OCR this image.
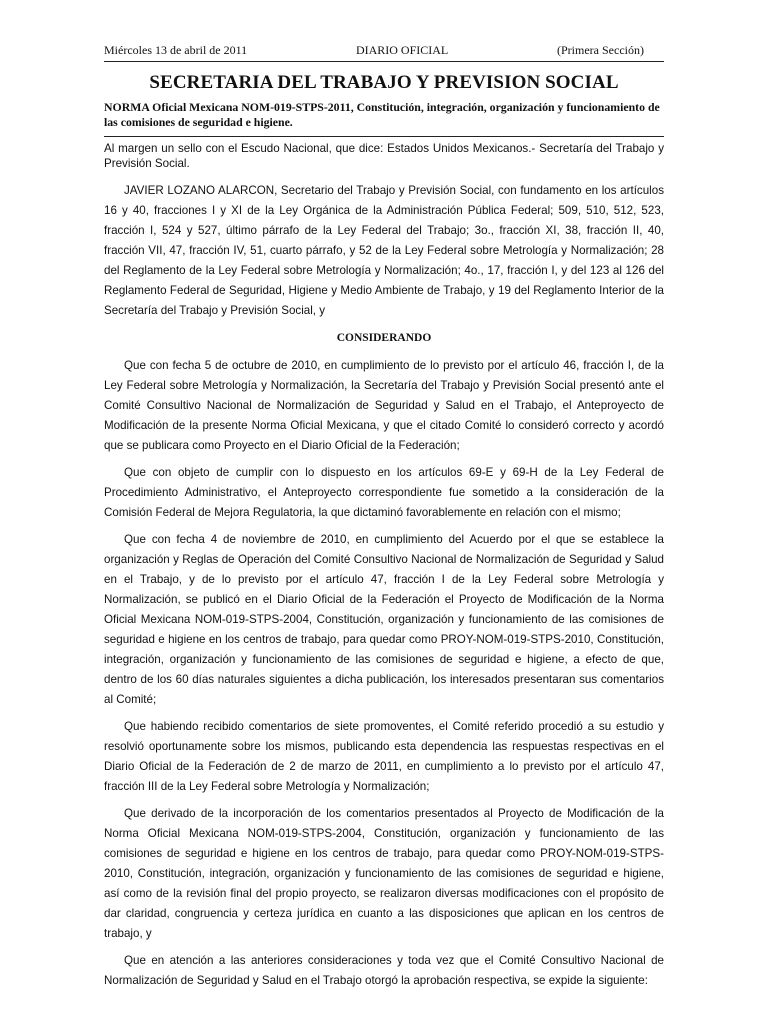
Miércoles 13 de abril de 2011	DIARIO OFICIAL	(Primera Sección)
SECRETARIA DEL TRABAJO Y PREVISION SOCIAL
NORMA Oficial Mexicana NOM-019-STPS-2011, Constitución, integración, organización y funcionamiento de las comisiones de seguridad e higiene.

Al margen un sello con el Escudo Nacional, que dice: Estados Unidos Mexicanos.- Secretaría del Trabajo y Previsión Social.

JAVIER LOZANO ALARCON, Secretario del Trabajo y Previsión Social, con fundamento en los artículos 16 y 40, fracciones I y XI de la Ley Orgánica de la Administración Pública Federal; 509, 510, 512, 523, fracción I, 524 y 527, último párrafo de la Ley Federal del Trabajo; 3o., fracción XI, 38, fracción II, 40, fracción VII, 47, fracción IV, 51, cuarto párrafo, y 52 de la Ley Federal sobre Metrología y Normalización; 28 del Reglamento de la Ley Federal sobre Metrología y Normalización; 4o., 17, fracción I, y del 123 al 126 del Reglamento Federal de Seguridad, Higiene y Medio Ambiente de Trabajo, y 19 del Reglamento Interior de la Secretaría del Trabajo y Previsión Social, y

CONSIDERANDO

Que con fecha 5 de octubre de 2010, en cumplimiento de lo previsto por el artículo 46, fracción I, de la Ley Federal sobre Metrología y Normalización, la Secretaría del Trabajo y Previsión Social presentó ante el Comité Consultivo Nacional de Normalización de Seguridad y Salud en el Trabajo, el Anteproyecto de Modificación de la presente Norma Oficial Mexicana, y que el citado Comité lo consideró correcto y acordó que se publicara como Proyecto en el Diario Oficial de la Federación;

Que con objeto de cumplir con lo dispuesto en los artículos 69-E y 69-H de la Ley Federal de Procedimiento Administrativo, el Anteproyecto correspondiente fue sometido a la consideración de la Comisión Federal de Mejora Regulatoria, la que dictaminó favorablemente en relación con el mismo;

Que con fecha 4 de noviembre de 2010, en cumplimiento del Acuerdo por el que se establece la organización y Reglas de Operación del Comité Consultivo Nacional de Normalización de Seguridad y Salud en el Trabajo, y de lo previsto por el artículo 47, fracción I de la Ley Federal sobre Metrología y Normalización, se publicó en el Diario Oficial de la Federación el Proyecto de Modificación de la Norma Oficial Mexicana NOM-019-STPS-2004, Constitución, organización y funcionamiento de las comisiones de seguridad e higiene en los centros de trabajo, para quedar como PROY-NOM-019-STPS-2010, Constitución, integración, organización y funcionamiento de las comisiones de seguridad e higiene, a efecto de que, dentro de los 60 días naturales siguientes a dicha publicación, los interesados presentaran sus comentarios al Comité;

Que habiendo recibido comentarios de siete promoventes, el Comité referido procedió a su estudio y resolvió oportunamente sobre los mismos, publicando esta dependencia las respuestas respectivas en el Diario Oficial de la Federación de 2 de marzo de 2011, en cumplimiento a lo previsto por el artículo 47, fracción III de la Ley Federal sobre Metrología y Normalización;

Que derivado de la incorporación de los comentarios presentados al Proyecto de Modificación de la Norma Oficial Mexicana NOM-019-STPS-2004, Constitución, organización y funcionamiento de las comisiones de seguridad e higiene en los centros de trabajo, para quedar como PROY-NOM-019-STPS-2010, Constitución, integración, organización y funcionamiento de las comisiones de seguridad e higiene, así como de la revisión final del propio proyecto, se realizaron diversas modificaciones con el propósito de dar claridad, congruencia y certeza jurídica en cuanto a las disposiciones que aplican en los centros de trabajo, y

Que en atención a las anteriores consideraciones y toda vez que el Comité Consultivo Nacional de Normalización de Seguridad y Salud en el Trabajo otorgó la aprobación respectiva, se expide la siguiente:
